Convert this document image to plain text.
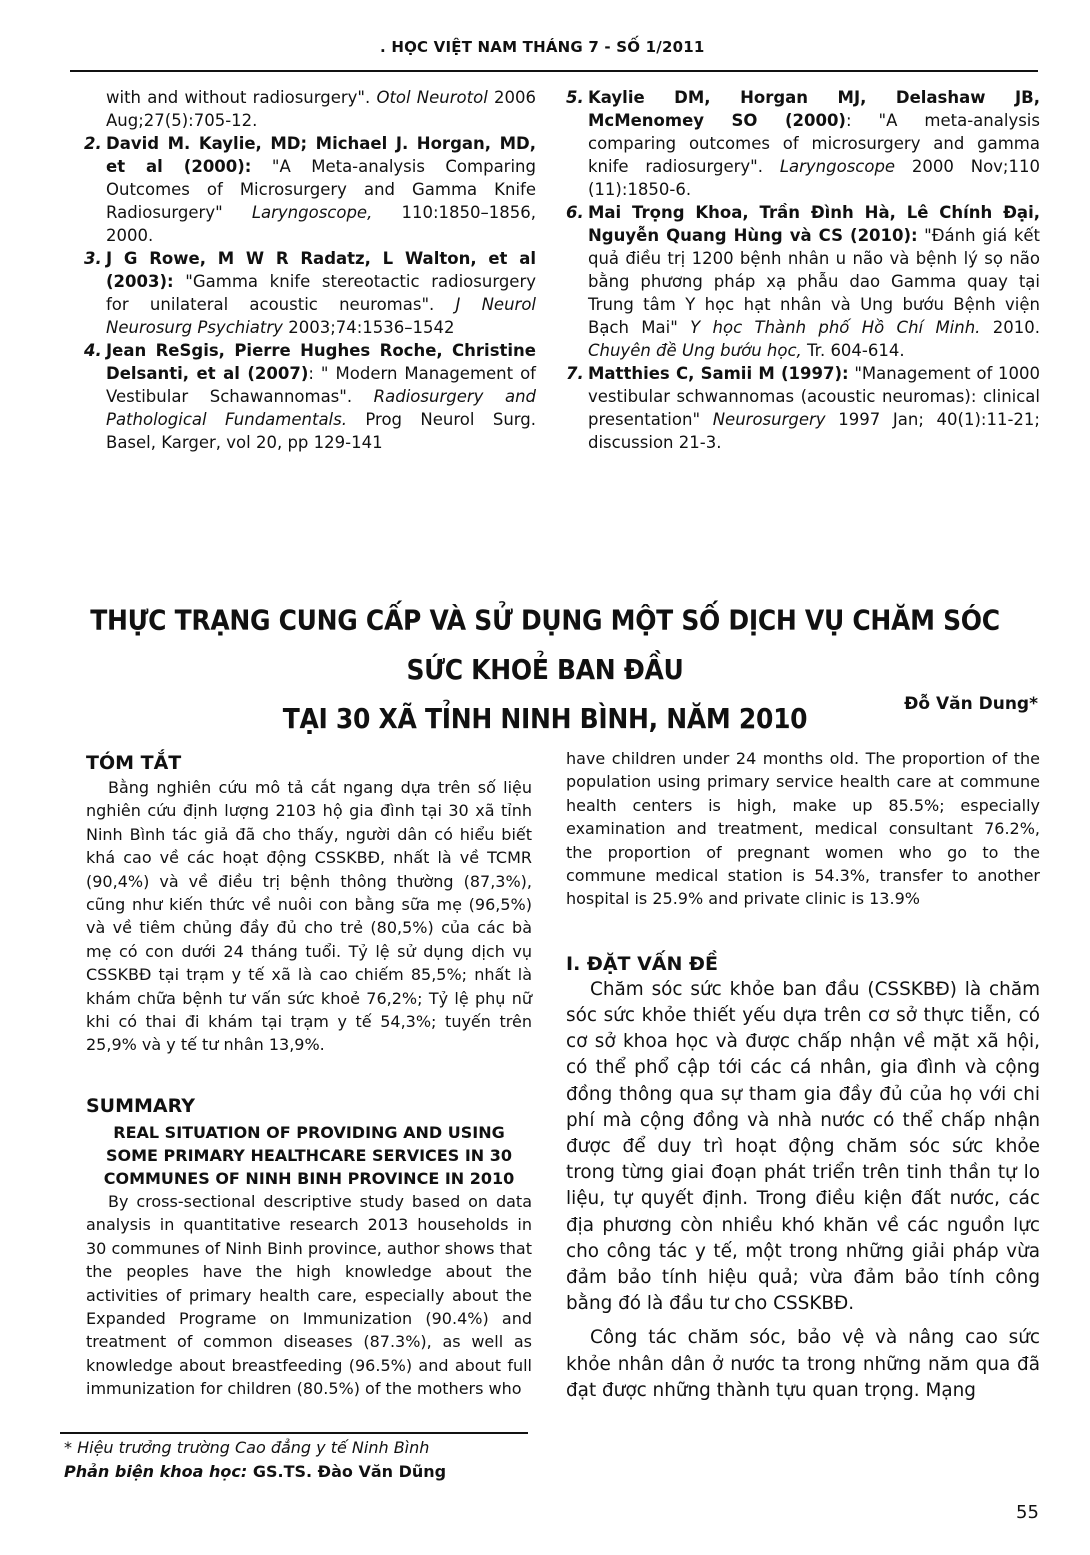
. HỌC VIỆT NAM THÁNG 7 - SỐ 1/2011

with and without radiosurgery". Otol Neurotol 2006 Aug;27(5):705-12.

2. David M. Kaylie, MD; Michael J. Horgan, MD, et al (2000): "A Meta-analysis Comparing Outcomes of Microsurgery and Gamma Knife Radiosurgery" Laryngoscope, 110:1850–1856, 2000.

3. J G Rowe, M W R Radatz, L Walton, et al (2003): "Gamma knife stereotactic radiosurgery for unilateral acoustic neuromas". J Neurol Neurosurg Psychiatry 2003;74:1536–1542

4. Jean ReSgis, Pierre Hughes Roche, Christine Delsanti, et al (2007): " Modern Management of Vestibular Schawannomas". Radiosurgery and Pathological Fundamentals. Prog Neurol Surg. Basel, Karger, vol 20, pp 129-141

5. Kaylie DM, Horgan MJ, Delashaw JB, McMenomey SO (2000): "A meta-analysis comparing outcomes of microsurgery and gamma knife radiosurgery". Laryngoscope 2000 Nov;110 (11):1850-6.

6. Mai Trọng Khoa, Trần Đình Hà, Lê Chính Đại, Nguyễn Quang Hùng và CS (2010): "Đánh giá kết quả điều trị 1200 bệnh nhân u não và bệnh lý sọ não bằng phương pháp xạ phẫu dao Gamma quay tại Trung tâm Y học hạt nhân và Ung bướu Bệnh viện Bạch Mai" Y học Thành phố Hồ Chí Minh. 2010. Chuyên đề Ung bướu học, Tr. 604-614.

7. Matthies C, Samii M (1997): "Management of 1000 vestibular schwannomas (acoustic neuromas): clinical presentation" Neurosurgery 1997 Jan; 40(1):11-21; discussion 21-3.

THỰC TRẠNG CUNG CẤP VÀ SỬ DỤNG MỘT SỐ DỊCH VỤ CHĂM SÓC SỨC KHOẺ BAN ĐẦU
TẠI 30 XÃ TỈNH NINH BÌNH, NĂM 2010	Đỗ Văn Dung*
TÓM TẮT

Bằng nghiên cứu mô tả cắt ngang dựa trên số liệu nghiên cứu định lượng 2103 hộ gia đình tại 30 xã tỉnh Ninh Bình tác giả đã cho thấy, người dân có hiểu biết khá cao về các hoạt động CSSKBĐ, nhất là về TCMR (90,4%) và về điều trị bệnh thông thường (87,3%), cũng như kiến thức về nuôi con bằng sữa mẹ (96,5%) và về tiêm chủng đầy đủ cho trẻ (80,5%) của các bà mẹ có con dưới 24 tháng tuổi. Tỷ lệ sử dụng dịch vụ CSSKBĐ tại trạm y tế xã là cao chiếm 85,5%; nhất là khám chữa bệnh tư vấn sức khoẻ 76,2%; Tỷ lệ phụ nữ khi có thai đi khám tại trạm y tế 54,3%; tuyến trên 25,9% và y tế tư nhân 13,9%.

SUMMARY

REAL SITUATION OF PROVIDING AND USING SOME PRIMARY HEALTHCARE SERVICES IN 30 COMMUNES OF NINH BINH PROVINCE IN 2010

By cross-sectional descriptive study based on data analysis in quantitative research 2013 households in 30 communes of Ninh Binh province, author shows that the peoples have the high knowledge about the activities of primary health care, especially about the Expanded Programe on Immunization (90.4%) and treatment of common diseases (87.3%), as well as knowledge about breastfeeding (96.5%) and about full immunization for children (80.5%) of the mothers who

have children under 24 months old. The proportion of the population using primary service health care at commune health centers is high, make up 85.5%; especially examination and treatment, medical consultant 76.2%, the proportion of pregnant women who go to the commune medical station is 54.3%, transfer to another hospital is 25.9% and private clinic is 13.9%

I. ĐẶT VẤN ĐỀ

Chăm sóc sức khỏe ban đầu (CSSKBĐ) là chăm sóc sức khỏe thiết yếu dựa trên cơ sở thực tiễn, có cơ sở khoa học và được chấp nhận về mặt xã hội, có thể phổ cập tới các cá nhân, gia đình và cộng đồng thông qua sự tham gia đầy đủ của họ với chi phí mà cộng đồng và nhà nước có thể chấp nhận được để duy trì hoạt động chăm sóc sức khỏe trong từng giai đoạn phát triển trên tinh thần tự lo liệu, tự quyết định. Trong điều kiện đất nước, các địa phương còn nhiều khó khăn về các nguồn lực cho công tác y tế, một trong những giải pháp vừa đảm bảo tính hiệu quả; vừa đảm bảo tính công bằng đó là đầu tư cho CSSKBĐ.

Công tác chăm sóc, bảo vệ và nâng cao sức khỏe nhân dân ở nước ta trong những năm qua đã đạt được những thành tựu quan trọng. Mạng

* Hiệu trưởng trường Cao đẳng y tế Ninh Bình
Phản biện khoa học: GS.TS. Đào Văn Dũng
55
